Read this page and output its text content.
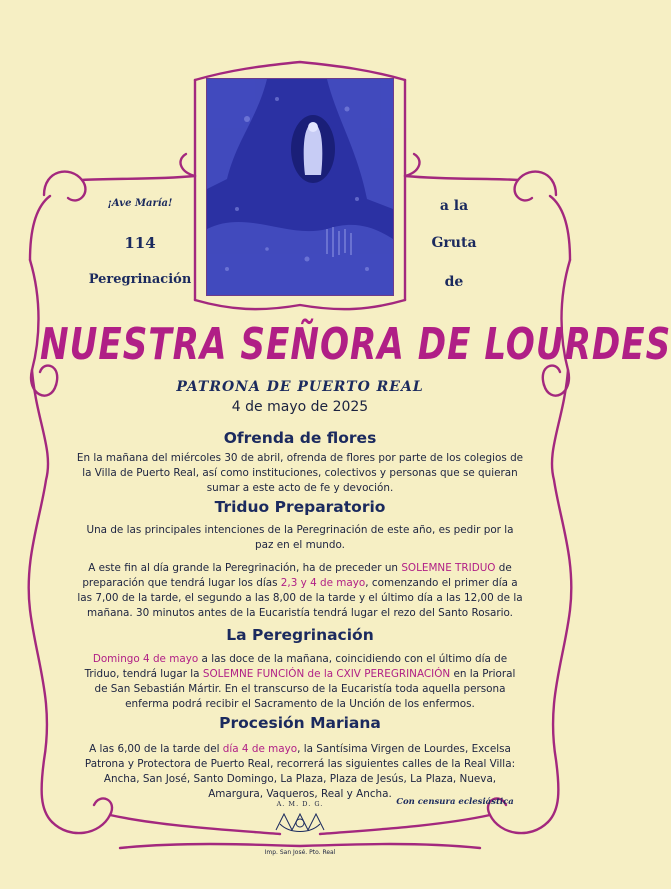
¡Ave María!
114
Peregrinación
a la
Gruta
de
NUESTRA SEÑORA DE LOURDES
PATRONA DE PUERTO REAL
4 de mayo de 2025
Ofrenda de flores
En la mañana del miércoles 30 de abril, ofrenda de flores por parte de los colegios de la Villa de Puerto Real, así como instituciones, colectivos y personas que se quieran sumar a este acto de fe y devoción.
Triduo Preparatorio
Una de las principales intenciones de la Peregrinación de este año, es pedir por la paz en el mundo.
A este fin al día grande la Peregrinación, ha de preceder un SOLEMNE TRIDUO de preparación que tendrá lugar los días 2,3 y 4 de mayo, comenzando el primer día a las 7,00 de la tarde, el segundo a las 8,00 de la tarde y el último día a las 12,00 de la mañana. 30 minutos antes de la Eucaristía tendrá lugar el rezo del Santo Rosario.
La Peregrinación
Domingo 4 de mayo a las doce de la mañana, coincidiendo con el último día de Triduo, tendrá lugar la SOLEMNE FUNCIÓN de la CXIV PEREGRINACIÓN en la Prioral de San Sebastián Mártir. En el transcurso de la Eucaristía toda aquella persona enferma podrá recibir el Sacramento de la Unción de los enfermos.
Procesión Mariana
A las 6,00 de la tarde del día 4 de mayo, la Santísima Virgen de Lourdes, Excelsa Patrona y Protectora de Puerto Real, recorrerá las siguientes calles de la Real Villa: Ancha, San José, Santo Domingo, La Plaza, Plaza de Jesús, La Plaza, Nueva, Amargura, Vaqueros, Real y Ancha.
A. M. D. G.	Con censura eclesiástica
Imp. San José. Pto. Real
